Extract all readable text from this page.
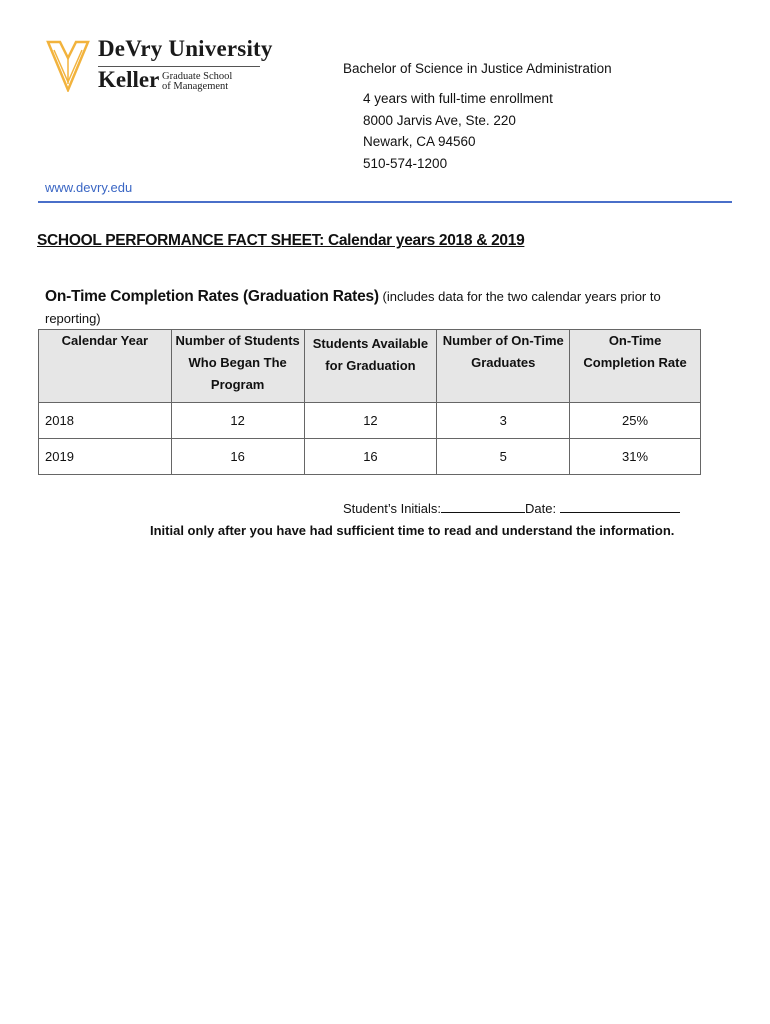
DeVry University
Keller Graduate School
of Management
Bachelor of Science in Justice Administration
4 years with full-time enrollment
8000 Jarvis Ave, Ste. 220
Newark, CA 94560
510-574-1200
www.devry.edu
SCHOOL PERFORMANCE FACT SHEET: Calendar years 2018 & 2019
On-Time Completion Rates (Graduation Rates) (includes data for the two calendar years prior to reporting)
Calendar Year	Number of Students Who Began The Program	Students Available for Graduation	Number of On-Time Graduates	On-Time Completion Rate
2018	12	12	3	25%
2019	16	16	5	31%
Student’s Initials:	Date:
Initial only after you have had sufficient time to read and understand the information.
